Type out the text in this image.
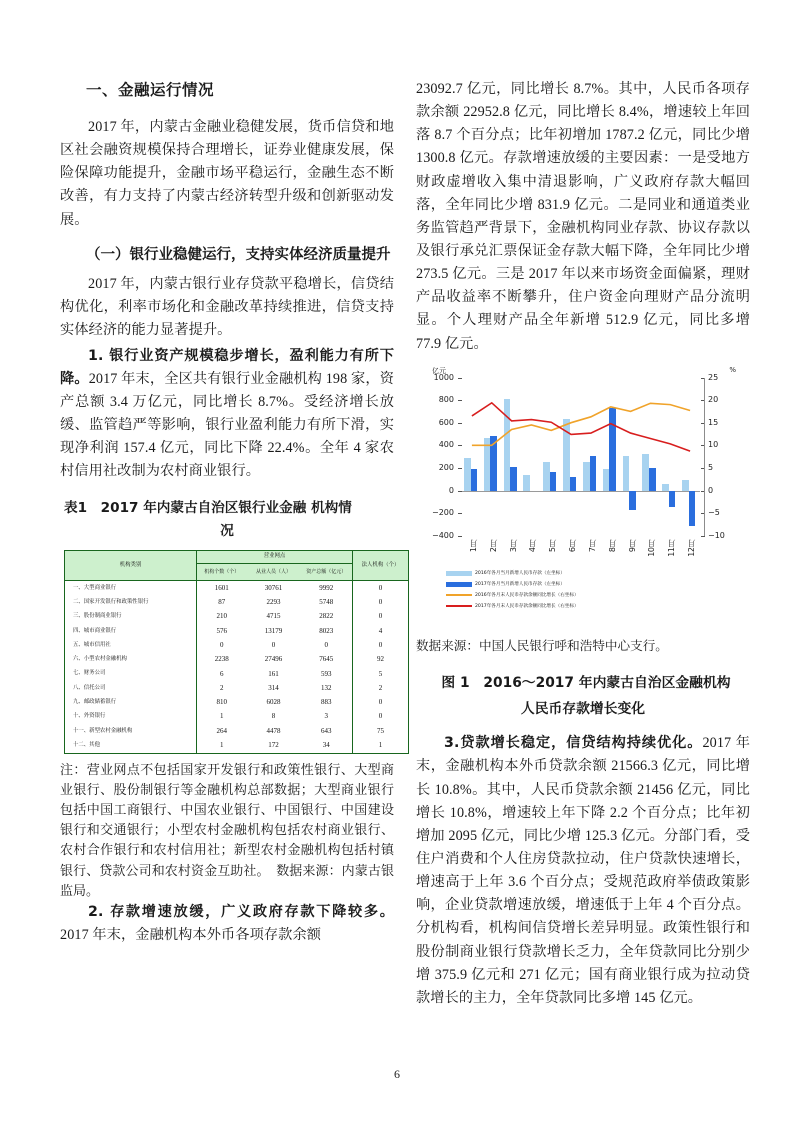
一、金融运行情况

2017 年，内蒙古金融业稳健发展，货币信贷和地区社会融资规模保持合理增长，证券业健康发展，保险保障功能提升，金融市场平稳运行，金融生态不断改善，有力支持了内蒙古经济转型升级和创新驱动发展。

（一）银行业稳健运行，支持实体经济质量提升

2017 年，内蒙古银行业存贷款平稳增长，信贷结构优化，利率市场化和金融改革持续推进，信贷支持实体经济的能力显著提升。

1. 银行业资产规模稳步增长，盈利能力有所下降。2017 年末，全区共有银行业金融机构 198 家，资产总额 3.4 万亿元，同比增长 8.7%。受经济增长放缓、监管趋严等影响，银行业盈利能力有所下滑，实现净利润 157.4 亿元，同比下降 22.4%。全年 4 家农村信用社改制为农村商业银行。

表1　2017 年内蒙古自治区银行业金融 机构情
况
机构类别	营业网点			法人机构（个）
	机构个数（个）	从业人员（人）	资产总额（亿元）	
一、大型商业银行	1601	30761	9992	0
二、国家开发银行和政策性银行	87	2293	5748	0
三、股份制商业银行	210	4715	2822	0
四、城市商业银行	576	13179	8023	4
五、城市信用社	0	0	0	0
六、小型农村金融机构	2238	27496	7645	92
七、财务公司	6	161	593	5
八、信托公司	2	314	132	2
九、邮政储蓄银行	810	6028	883	0
十、外资银行	1	8	3	0
十一、新型农村金融机构	264	4478	643	75
十二、其他	1	172	34	1

注：营业网点不包括国家开发银行和政策性银行、大型商业银行、股份制银行等金融机构总部数据；大型商业银行包括中国工商银行、中国农业银行、中国银行、中国建设银行和交通银行；小型农村金融机构包括农村商业银行、农村合作银行和农村信用社；新型农村金融机构包括村镇银行、贷款公司和农村资金互助社。　数据来源：内蒙古银监局。

2. 存款增速放缓，广义政府存款下降较多。2017 年末，金融机构本外币各项存款余额

23092.7 亿元，同比增长 8.7%。其中，人民币各项存款余额 22952.8 亿元，同比增长 8.4%，增速较上年回落 8.7 个百分点；比年初增加 1787.2 亿元，同比少增 1300.8 亿元。存款增速放缓的主要因素：一是受地方财政虚增收入集中清退影响，广义政府存款大幅回落，全年同比少增 831.9 亿元。二是同业和通道类业务监管趋严背景下，金融机构同业存款、协议存款以及银行承兑汇票保证金存款大幅下降，全年同比少增 273.5 亿元。三是 2017 年以来市场资金面偏紧，理财产品收益率不断攀升，住户资金向理财产品分流明显。个人理财产品全年新增 512.9 亿元，同比多增 77.9 亿元。

亿元	%
1000
800
600
400
200
0
−200
−400
25
20
15
10
5
0
−5
−10
1月 2月 3月 4月 5月 6月 7月 8月 9月 10月 11月 12月
2016年各月当月新增人民币存款（左坐标）
2017年各月当月新增人民币存款（左坐标）
2016年各月末人民币存款余额同比增长（右坐标）
2017年各月末人民币存款余额同比增长（右坐标）

数据来源：中国人民银行呼和浩特中心支行。

图 1　2016～2017 年内蒙古自治区金融机构
人民币存款增长变化

3.贷款增长稳定，信贷结构持续优化。2017 年末，金融机构本外币贷款余额 21566.3 亿元，同比增长 10.8%。其中，人民币贷款余额 21456 亿元，同比增长 10.8%，增速较上年下降 2.2 个百分点；比年初增加 2095 亿元，同比少增 125.3 亿元。分部门看，受住户消费和个人住房贷款拉动，住户贷款快速增长，增速高于上年 3.6 个百分点；受规范政府举债政策影响，企业贷款增速放缓，增速低于上年 4 个百分点。分机构看，机构间信贷增长差异明显。政策性银行和股份制商业银行贷款增长乏力，全年贷款同比分别少增 375.9 亿元和 271 亿元；国有商业银行成为拉动贷款增长的主力，全年贷款同比多增 145 亿元。

6
